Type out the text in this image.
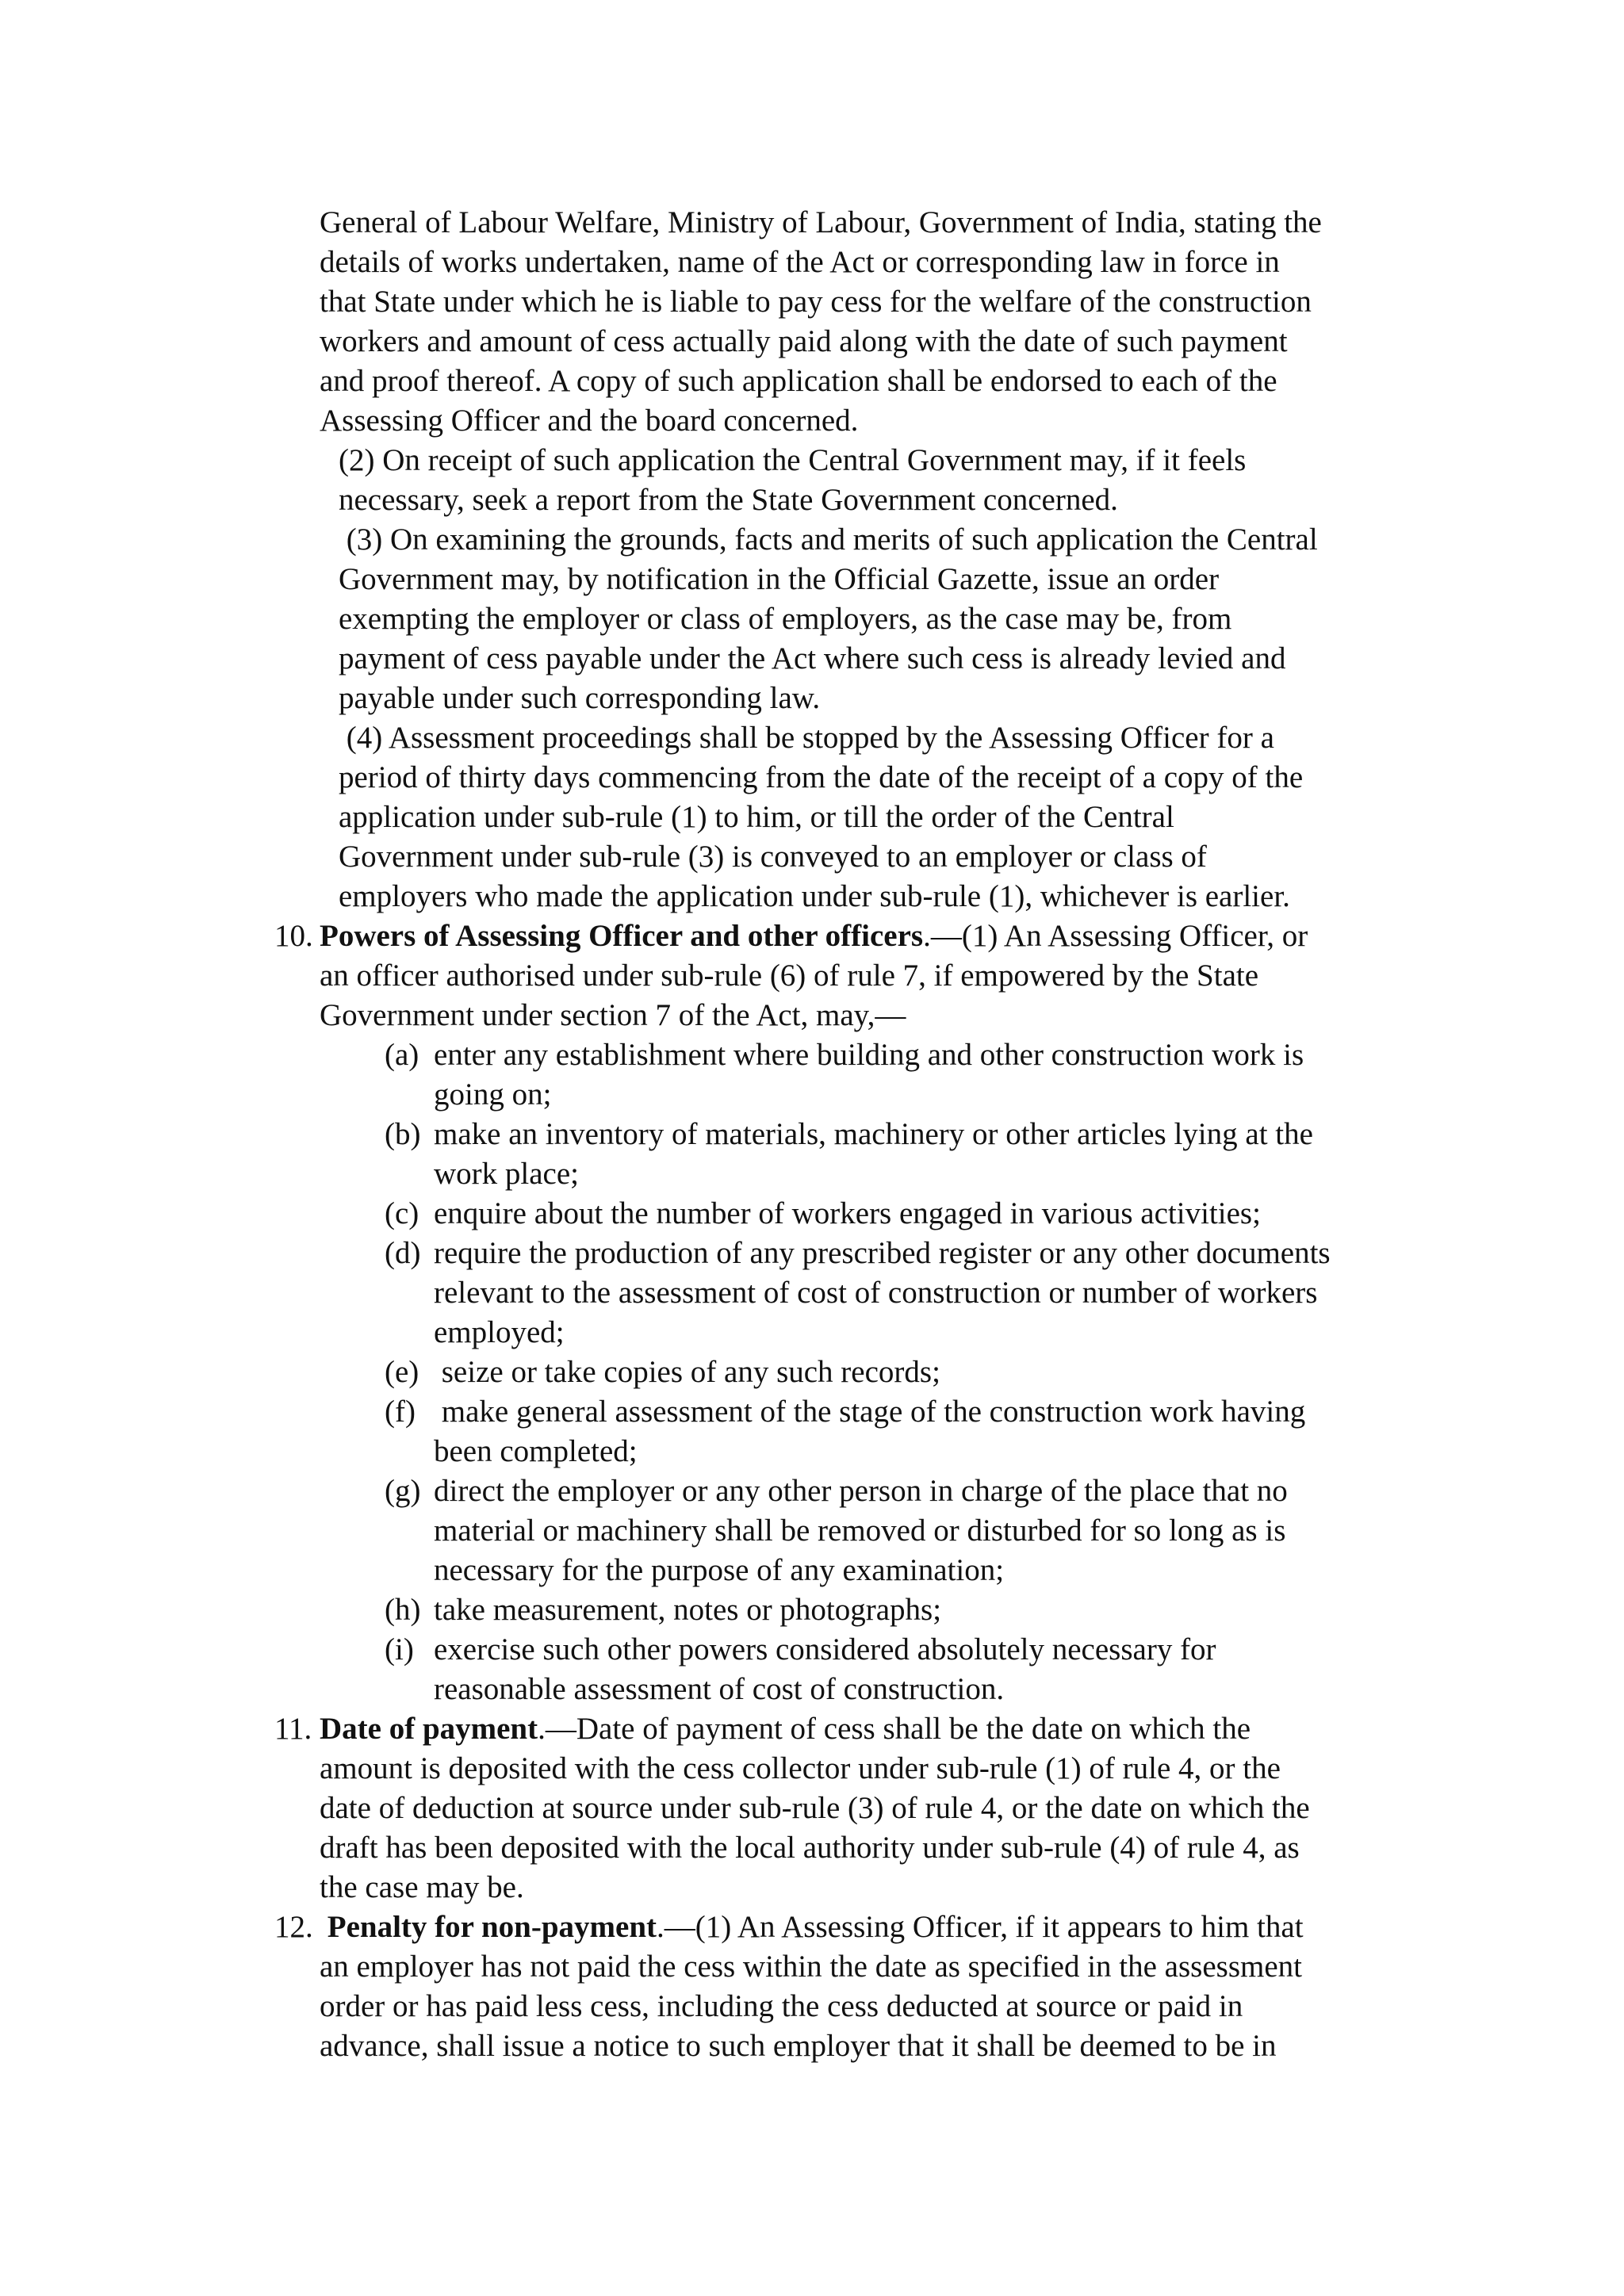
General of Labour Welfare, Ministry of Labour, Government of India, stating the

details of works undertaken, name of the Act or corresponding law in force in

that State under which he is liable to pay cess for the welfare of the construction

workers and amount of cess actually paid along with the date of such payment

and proof thereof. A copy of such application shall be endorsed to each of the

Assessing Officer and the board concerned.

(2) On receipt of such application the Central Government may, if it feels

necessary, seek a report from the State Government concerned.

(3) On examining the grounds, facts and merits of such application the Central

Government may, by notification in the Official Gazette, issue an order

exempting the employer or class of employers, as the case may be, from

payment of cess payable under the Act where such cess is already levied and

payable under such corresponding law.

(4) Assessment proceedings shall be stopped by the Assessing Officer for a

period of thirty days commencing from the date of the receipt of a copy of the

application under sub-rule (1) to him, or till the order of the Central

Government under sub-rule (3) is conveyed to an employer or class of

employers who made the application under sub-rule (1), whichever is earlier.

10. Powers of Assessing Officer and other officers.—(1) An Assessing Officer, or

an officer authorised under sub-rule (6) of rule 7, if empowered by the State

Government under section 7 of the Act, may,—

(a) enter any establishment where building and other construction work is

going on;

(b) make an inventory of materials, machinery or other articles lying at the

work place;

(c) enquire about the number of workers engaged in various activities;

(d) require the production of any prescribed register or any other documents

relevant to the assessment of cost of construction or number of workers

employed;

(e) seize or take copies of any such records;

(f) make general assessment of the stage of the construction work having

been completed;

(g) direct the employer or any other person in charge of the place that no

material or machinery shall be removed or disturbed for so long as is

necessary for the purpose of any examination;

(h) take measurement, notes or photographs;

(i) exercise such other powers considered absolutely necessary for

reasonable assessment of cost of construction.

11. Date of payment.—Date of payment of cess shall be the date on which the

amount is deposited with the cess collector under sub-rule (1) of rule 4, or the

date of deduction at source under sub-rule (3) of rule 4, or the date on which the

draft has been deposited with the local authority under sub-rule (4) of rule 4, as

the case may be.

12. Penalty for non-payment.—(1) An Assessing Officer, if it appears to him that

an employer has not paid the cess within the date as specified in the assessment

order or has paid less cess, including the cess deducted at source or paid in

advance, shall issue a notice to such employer that it shall be deemed to be in
